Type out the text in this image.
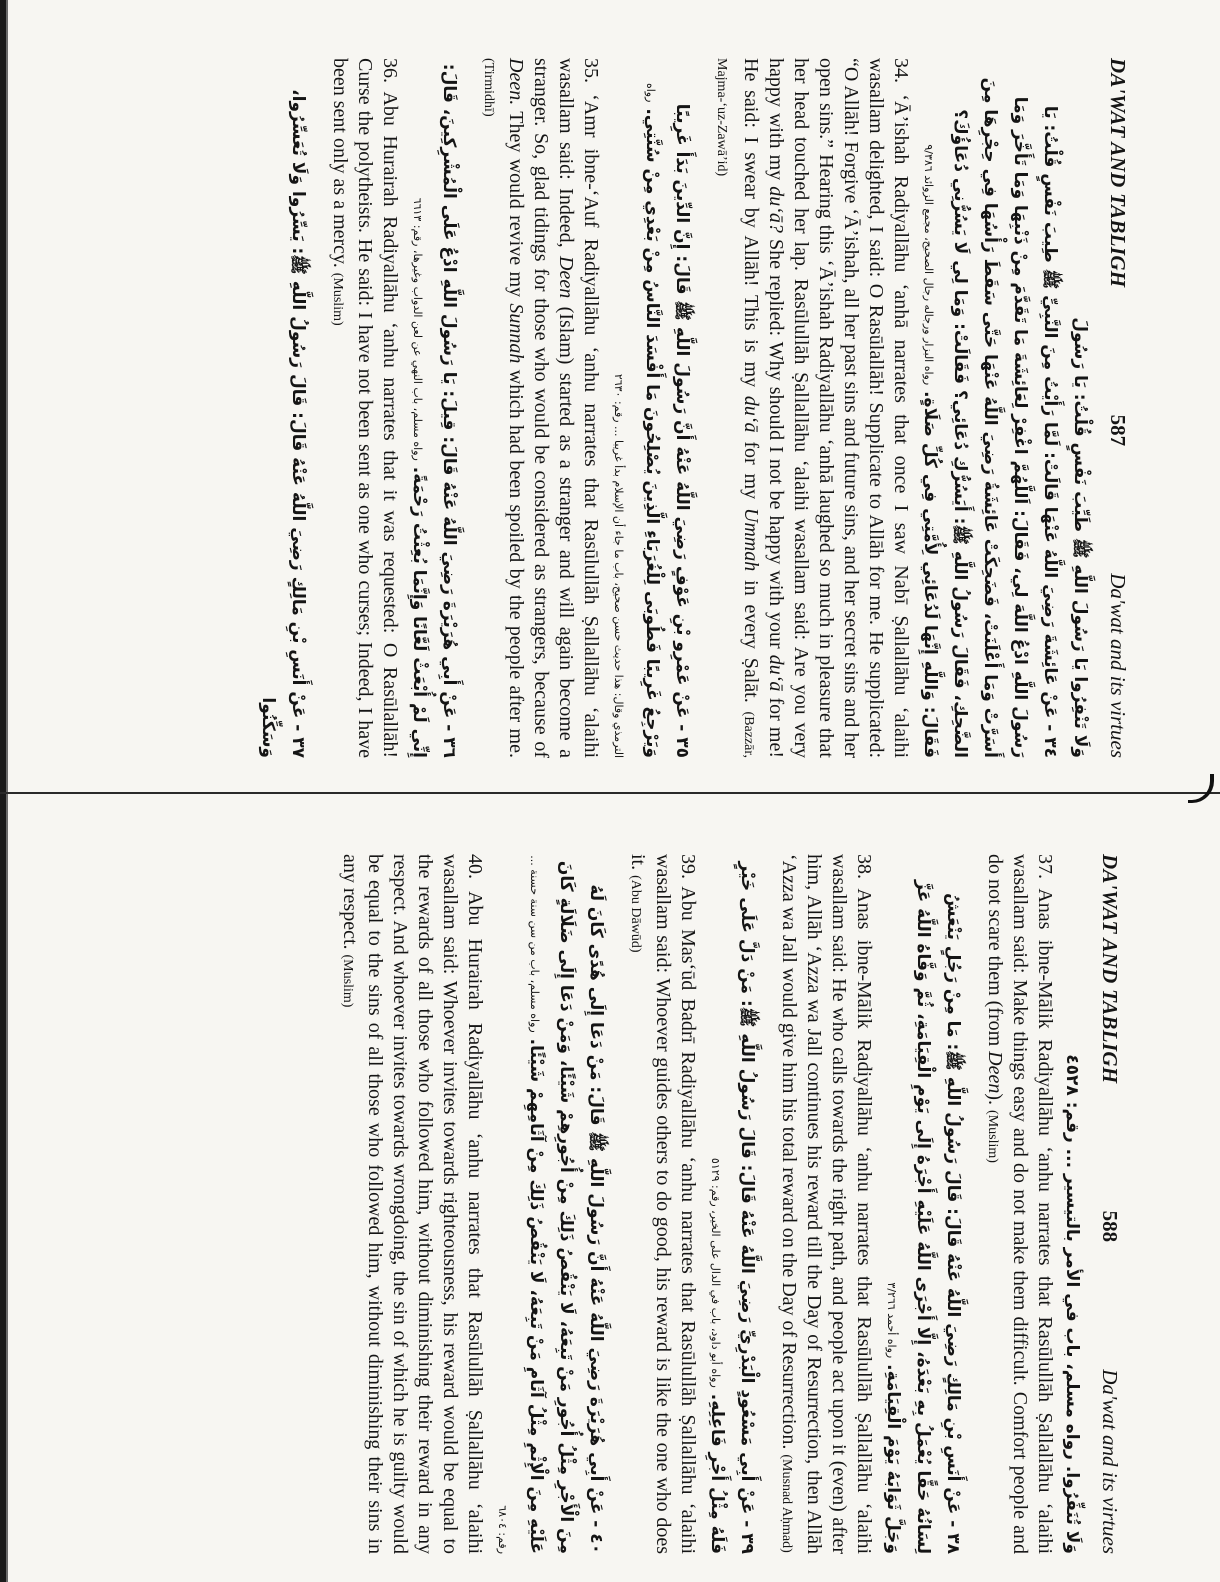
DA'WAT AND TABLIGH
587
Da'wat and its virtues

وَلَا تَنْفِرُوا يَا رَسُولَ اللَّهِ ﷺ طَيِّبَ نَفْسٍ قُلْتُ: يَا رَسُولَ

٣٤ - عَنْ عَائِشَةَ رَضِيَ اللَّهُ عَنْهَا قَالَتْ: لَمَّا رَأَيْتُ مِنَ النَّبِيِّ ﷺ طِيبَ نَفْسٍ قُلْتُ: يَا رَسُولَ اللَّهِ ادْعُ اللَّهَ لِي، فَقَالَ: اَللَّهُمَّ اغْفِرْ لِعَائِشَةَ مَا تَقَدَّمَ مِنْ ذَنْبِهَا وَمَا تَأَخَّرَ وَمَا أَسَرَّتْ وَمَا أَعْلَنَتْ، فَضَحِكَتْ عَائِشَةُ رَضِيَ اللَّهُ عَنْهَا حَتَّى سَقَطَ رَأْسُهَا فِي حِجْرِهَا مِنَ الضَّحِكِ، فَقَالَ رَسُولُ اللَّهِ ﷺ: أَيَسُرُّكِ دُعَائِي؟ فَقَالَتْ: وَمَا لِي لَا يَسُرُّنِي دُعَاؤُكَ؟ فَقَالَ: وَاللَّهِ إِنَّهَا لَدُعَائِي لِأُمَّتِي فِي كُلِّ صَلَاةٍ. رواه البزار ورجاله رجال الصحيح، مجمع الزوائد ٩/٣٨٦

34. ‘Ā’ishah Radiyallāhu ‘anhā narrates that once I saw Nabī Ṣallallāhu ‘alaihi wasallam delighted, I said: O Rasūlallāh! Supplicate to Allāh for me. He supplicated: “O Allāh! Forgive ‘Ā’ishah, all her past sins and future sins, and her secret sins and her open sins.” Hearing this ‘Ā’ishah Radiyallāhu ‘anhā laughed so much in pleasure that her head touched her lap. Rasūlullāh Ṣallallāhu ‘alaihi wasallam said: Are you very happy with my du‘ā? She replied: Why should I not be happy with your du‘ā for me! He said: I swear by Allāh! This is my du‘ā for my Ummah in every Ṣalāt. (Bazzār, Majma-‘uz-Zawā’id)

٣٥ - عَنْ عَمْرِو بْنِ عَوْفٍ رَضِيَ اللَّهُ عَنْهُ أَنَّ رَسُولَ اللَّهِ ﷺ قَالَ: إِنَّ الدِّينَ بَدَأَ غَرِيبًا وَيَرْجِعُ غَرِيبًا فَطُوبَى لِلْغُرَبَاءِ الَّذِينَ يُصْلِحُونَ مَا أَفْسَدَ النَّاسُ مِنْ بَعْدِي مِنْ سُنَّتِي. رواه الترمذي وقال: هذا حديث حسن صحيح، باب ما جاء أن الإسلام بدأ غريبا ... رقم: ٢٦٣٠

35. ‘Amr ibne-‘Auf Radiyallāhu ‘anhu narrates that Rasūlullāh Ṣallallāhu ‘alaihi wasallam said: Indeed, Deen (Islam) started as a stranger and will again become a stranger. So, glad tidings for those who would be considered as strangers, because of Deen. They would revive my Sunnah which had been spoiled by the people after me. (Tirmidhī)

٣٦ - عَنْ أَبِي هُرَيْرَةَ رَضِيَ اللَّهُ عَنْهُ قَالَ: قِيلَ: يَا رَسُولَ اللَّهِ ادْعُ عَلَى الْمُشْرِكِينَ، قَالَ: إِنِّي لَمْ أُبْعَثْ لَعَّانًا وَإِنَّمَا بُعِثْتُ رَحْمَةً. رواه مسلم، باب النهي عن لعن الدواب وغيرها، رقم: ٦٦١٣

36. Abu Hurairah Radiyallāhu ‘anhu narrates that it was requested: O Rasūlallāh! Curse the polytheists. He said: I have not been sent as one who curses; Indeed, I have been sent only as a mercy. (Muslim)

٣٧ - عَنْ أَنَسِ بْنِ مَالِكٍ رَضِيَ اللَّهُ عَنْهُ قَالَ: قَالَ رَسُولُ اللَّهِ ﷺ: يَسِّرُوا وَلَا تُعَسِّرُوا، وَسَكِّنُوا

DA'WAT AND TABLIGH
588
Da'wat and its virtues

وَلَا تُنَفِّرُوا. رواه مسلم، باب في الأمر بالتيسير ... رقم: ٤٥٢٨

37. Anas ibne-Mālik Radiyallāhu ‘anhu narrates that Rasūlullāh Ṣallallāhu ‘alaihi wasallam said: Make things easy and do not make them difficult. Comfort people and do not scare them (from Deen). (Muslim)

٣٨ - عَنْ أَنَسِ بْنِ مَالِكٍ رَضِيَ اللَّهُ عَنْهُ قَالَ: قَالَ رَسُولُ اللَّهِ ﷺ: مَا مِنْ رَجُلٍ يَنْعَشُ لِسَانُهُ حَقًّا يُعْمَلُ بِهِ بَعْدَهُ، إِلَّا أَجْرَى اللَّهُ عَلَيْهِ أَجْرَهُ إِلَى يَوْمِ الْقِيَامَةِ، ثُمَّ وَفَّاهُ اللَّهُ عَزَّ وَجَلَّ ثَوَابَهُ يَوْمَ الْقِيَامَةِ. رواه أحمد ٣/٢٦٦

38. Anas ibne-Mālik Radiyallāhu ‘anhu narrates that Rasūlullāh Ṣallallāhu ‘alaihi wasallam said: He who calls towards the right path, and people act upon it (even) after him, Allāh ‘Azza wa Jall continues his reward till the Day of Resurrection, then Allāh ‘Azza wa Jall would give him his total reward on the Day of Resurrection. (Musnad Aḥmad)

٣٩ - عَنْ أَبِي مَسْعُودٍ الْبَدْرِيِّ رَضِيَ اللَّهُ عَنْهُ قَالَ: قَالَ رَسُولُ اللَّهِ ﷺ: مَنْ دَلَّ عَلَى خَيْرٍ فَلَهُ مِثْلُ أَجْرِ فَاعِلِهِ. رواه أبو داود، باب في الدال على الخير، رقم: ٥١٢٩

39. Abu Mas‘ūd Badrī Radiyallāhu ‘anhu narrates that Rasūlullāh Ṣallallāhu ‘alaihi wasallam said: Whoever guides others to do good, his reward is like the one who does it. (Abu Dāwūd)

٤٠ - عَنْ أَبِي هُرَيْرَةَ رَضِيَ اللَّهُ عَنْهُ أَنَّ رَسُولَ اللَّهِ ﷺ قَالَ: مَنْ دَعَا إِلَى هُدًى كَانَ لَهُ مِنَ الْأَجْرِ مِثْلُ أُجُورِ مَنْ تَبِعَهُ، لَا يَنْقُصُ ذَلِكَ مِنْ أُجُورِهِمْ شَيْئًا، وَمَنْ دَعَا إِلَى ضَلَالَةٍ كَانَ عَلَيْهِ مِنَ الْإِثْمِ مِثْلُ آثَامِ مَنْ تَبِعَهُ، لَا يَنْقُصُ ذَلِكَ مِنْ آثَامِهِمْ شَيْئًا. رواه مسلم، باب من سن سنة حسنة ... رقم: ٦٨٠٤

40. Abu Hurairah Radiyallāhu ‘anhu narrates that Rasūlullāh Ṣallallāhu ‘alaihi wasallam said: Whoever invites towards righteousness, his reward would be equal to the rewards of all those who followed him, without diminishing their reward in any respect. And whoever invites towards wrongdoing, the sin of which he is guilty would be equal to the sins of all those who followed him, without diminishing their sins in any respect. (Muslim)
